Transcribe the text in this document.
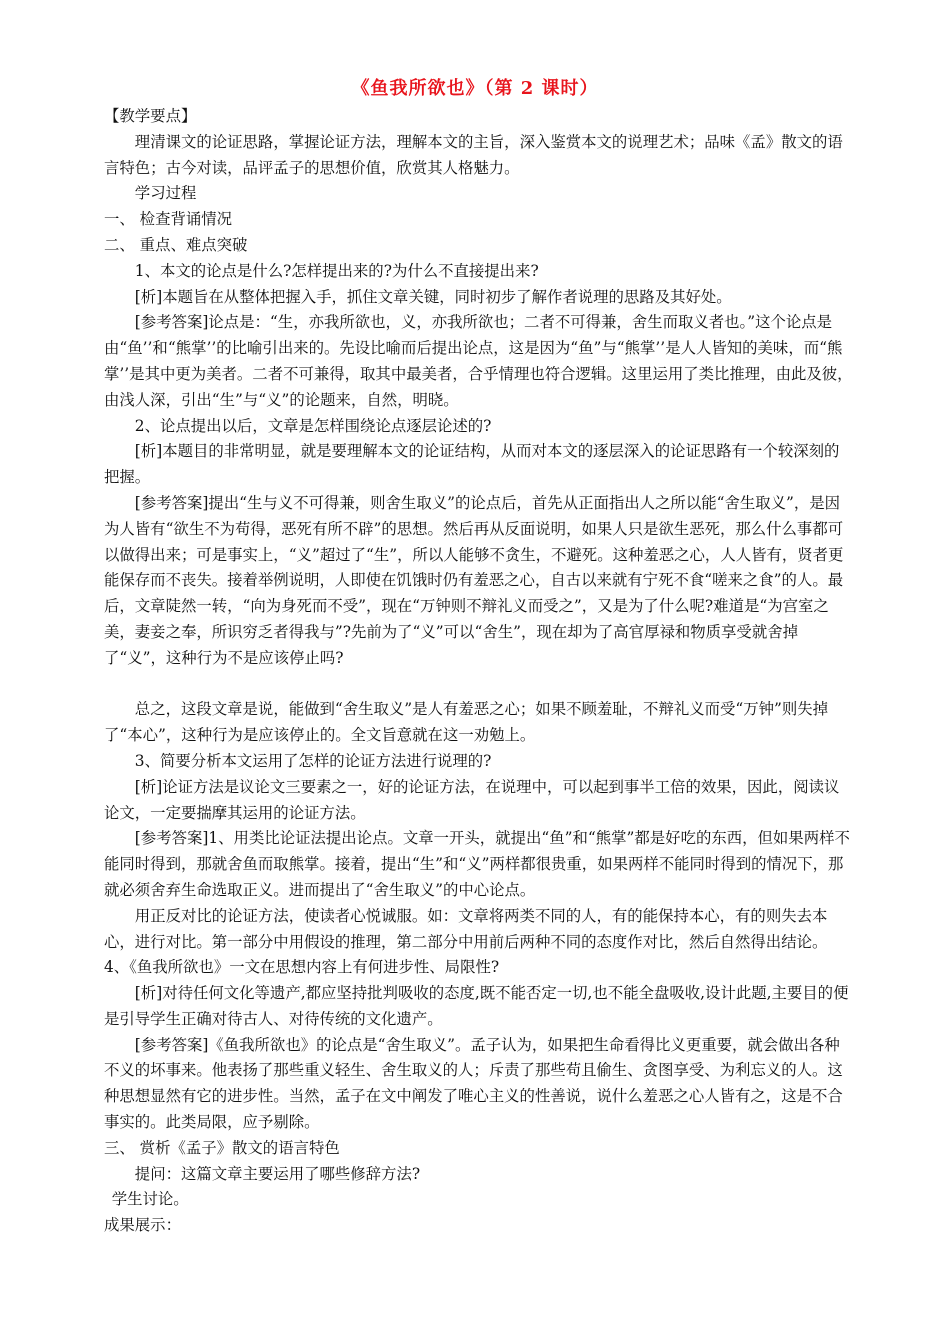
《鱼我所欲也》（第 2 课时）

【教学要点】

理清课文的论证思路，掌握论证方法，理解本文的主旨，深入鉴赏本文的说理艺术；品味《孟》散文的语言特色；古今对读，品评孟子的思想价值，欣赏其人格魅力。

学习过程

一、 检查背诵情况

二、 重点、难点突破

1、本文的论点是什么?怎样提出来的?为什么不直接提出来?

[析]本题旨在从整体把握入手，抓住文章关键，同时初步了解作者说理的思路及其好处。

[参考答案]论点是：“生，亦我所欲也，义，亦我所欲也；二者不可得兼，舍生而取义者也。”这个论点是由“鱼’’和“熊掌’’的比喻引出来的。先设比喻而后提出论点，这是因为“鱼”与“熊掌’’是人人皆知的美味，而“熊掌’’是其中更为美者。二者不可兼得，取其中最美者，合乎情理也符合逻辑。这里运用了类比推理，由此及彼，由浅人深，引出“生”与“义”的论题来，自然，明晓。

2、论点提出以后，文章是怎样围绕论点逐层论述的?

[析]本题目的非常明显，就是要理解本文的论证结构，从而对本文的逐层深入的论证思路有一个较深刻的把握。

[参考答案]提出“生与义不可得兼，则舍生取义”的论点后，首先从正面指出人之所以能“舍生取义”，是因为人皆有“欲生不为苟得，恶死有所不辟”的思想。然后再从反面说明，如果人只是欲生恶死，那么什么事都可以做得出来；可是事实上，“义”超过了“生”，所以人能够不贪生，不避死。这种羞恶之心，人人皆有，贤者更能保存而不丧失。接着举例说明，人即使在饥饿时仍有羞恶之心，自古以来就有宁死不食“嗟来之食”的人。最后，文章陡然一转，“向为身死而不受”，现在“万钟则不辩礼义而受之”，又是为了什么呢?难道是“为宫室之美，妻妾之奉，所识穷乏者得我与”?先前为了“义”可以“舍生”，现在却为了高官厚禄和物质享受就舍掉了“义”，这种行为不是应该停止吗?

总之，这段文章是说，能做到“舍生取义”是人有羞恶之心；如果不顾羞耻，不辩礼义而受“万钟”则失掉了“本心”，这种行为是应该停止的。全文旨意就在这一劝勉上。

3、简要分析本文运用了怎样的论证方法进行说理的?

[析]论证方法是议论文三要素之一，好的论证方法，在说理中，可以起到事半工倍的效果，因此，阅读议论文，一定要揣摩其运用的论证方法。

[参考答案]1、用类比论证法提出论点。文章一开头，就提出“鱼”和“熊掌”都是好吃的东西，但如果两样不能同时得到，那就舍鱼而取熊掌。接着，提出“生”和“义”两样都很贵重，如果两样不能同时得到的情况下，那就必须舍弃生命选取正义。进而提出了“舍生取义”的中心论点。

用正反对比的论证方法，使读者心悦诚服。如：文章将两类不同的人，有的能保持本心，有的则失去本心，进行对比。第一部分中用假设的推理，第二部分中用前后两种不同的态度作对比，然后自然得出结论。

4、《鱼我所欲也》一文在思想内容上有何进步性、局限性?

[析]对待任何文化等遗产,都应坚持批判吸收的态度,既不能否定一切,也不能全盘吸收,设计此题,主要目的便是引导学生正确对待古人、对待传统的文化遗产。

[参考答案]《鱼我所欲也》的论点是“舍生取义”。孟子认为，如果把生命看得比义更重要，就会做出各种不义的坏事来。他表扬了那些重义轻生、舍生取义的人；斥责了那些苟且偷生、贪图享受、为利忘义的人。这种思想显然有它的进步性。当然，孟子在文中阐发了唯心主义的性善说，说什么羞恶之心人皆有之，这是不合事实的。此类局限，应予剔除。

三、 赏析《孟子》散文的语言特色

提问：这篇文章主要运用了哪些修辞方法?

学生讨论。

成果展示：
